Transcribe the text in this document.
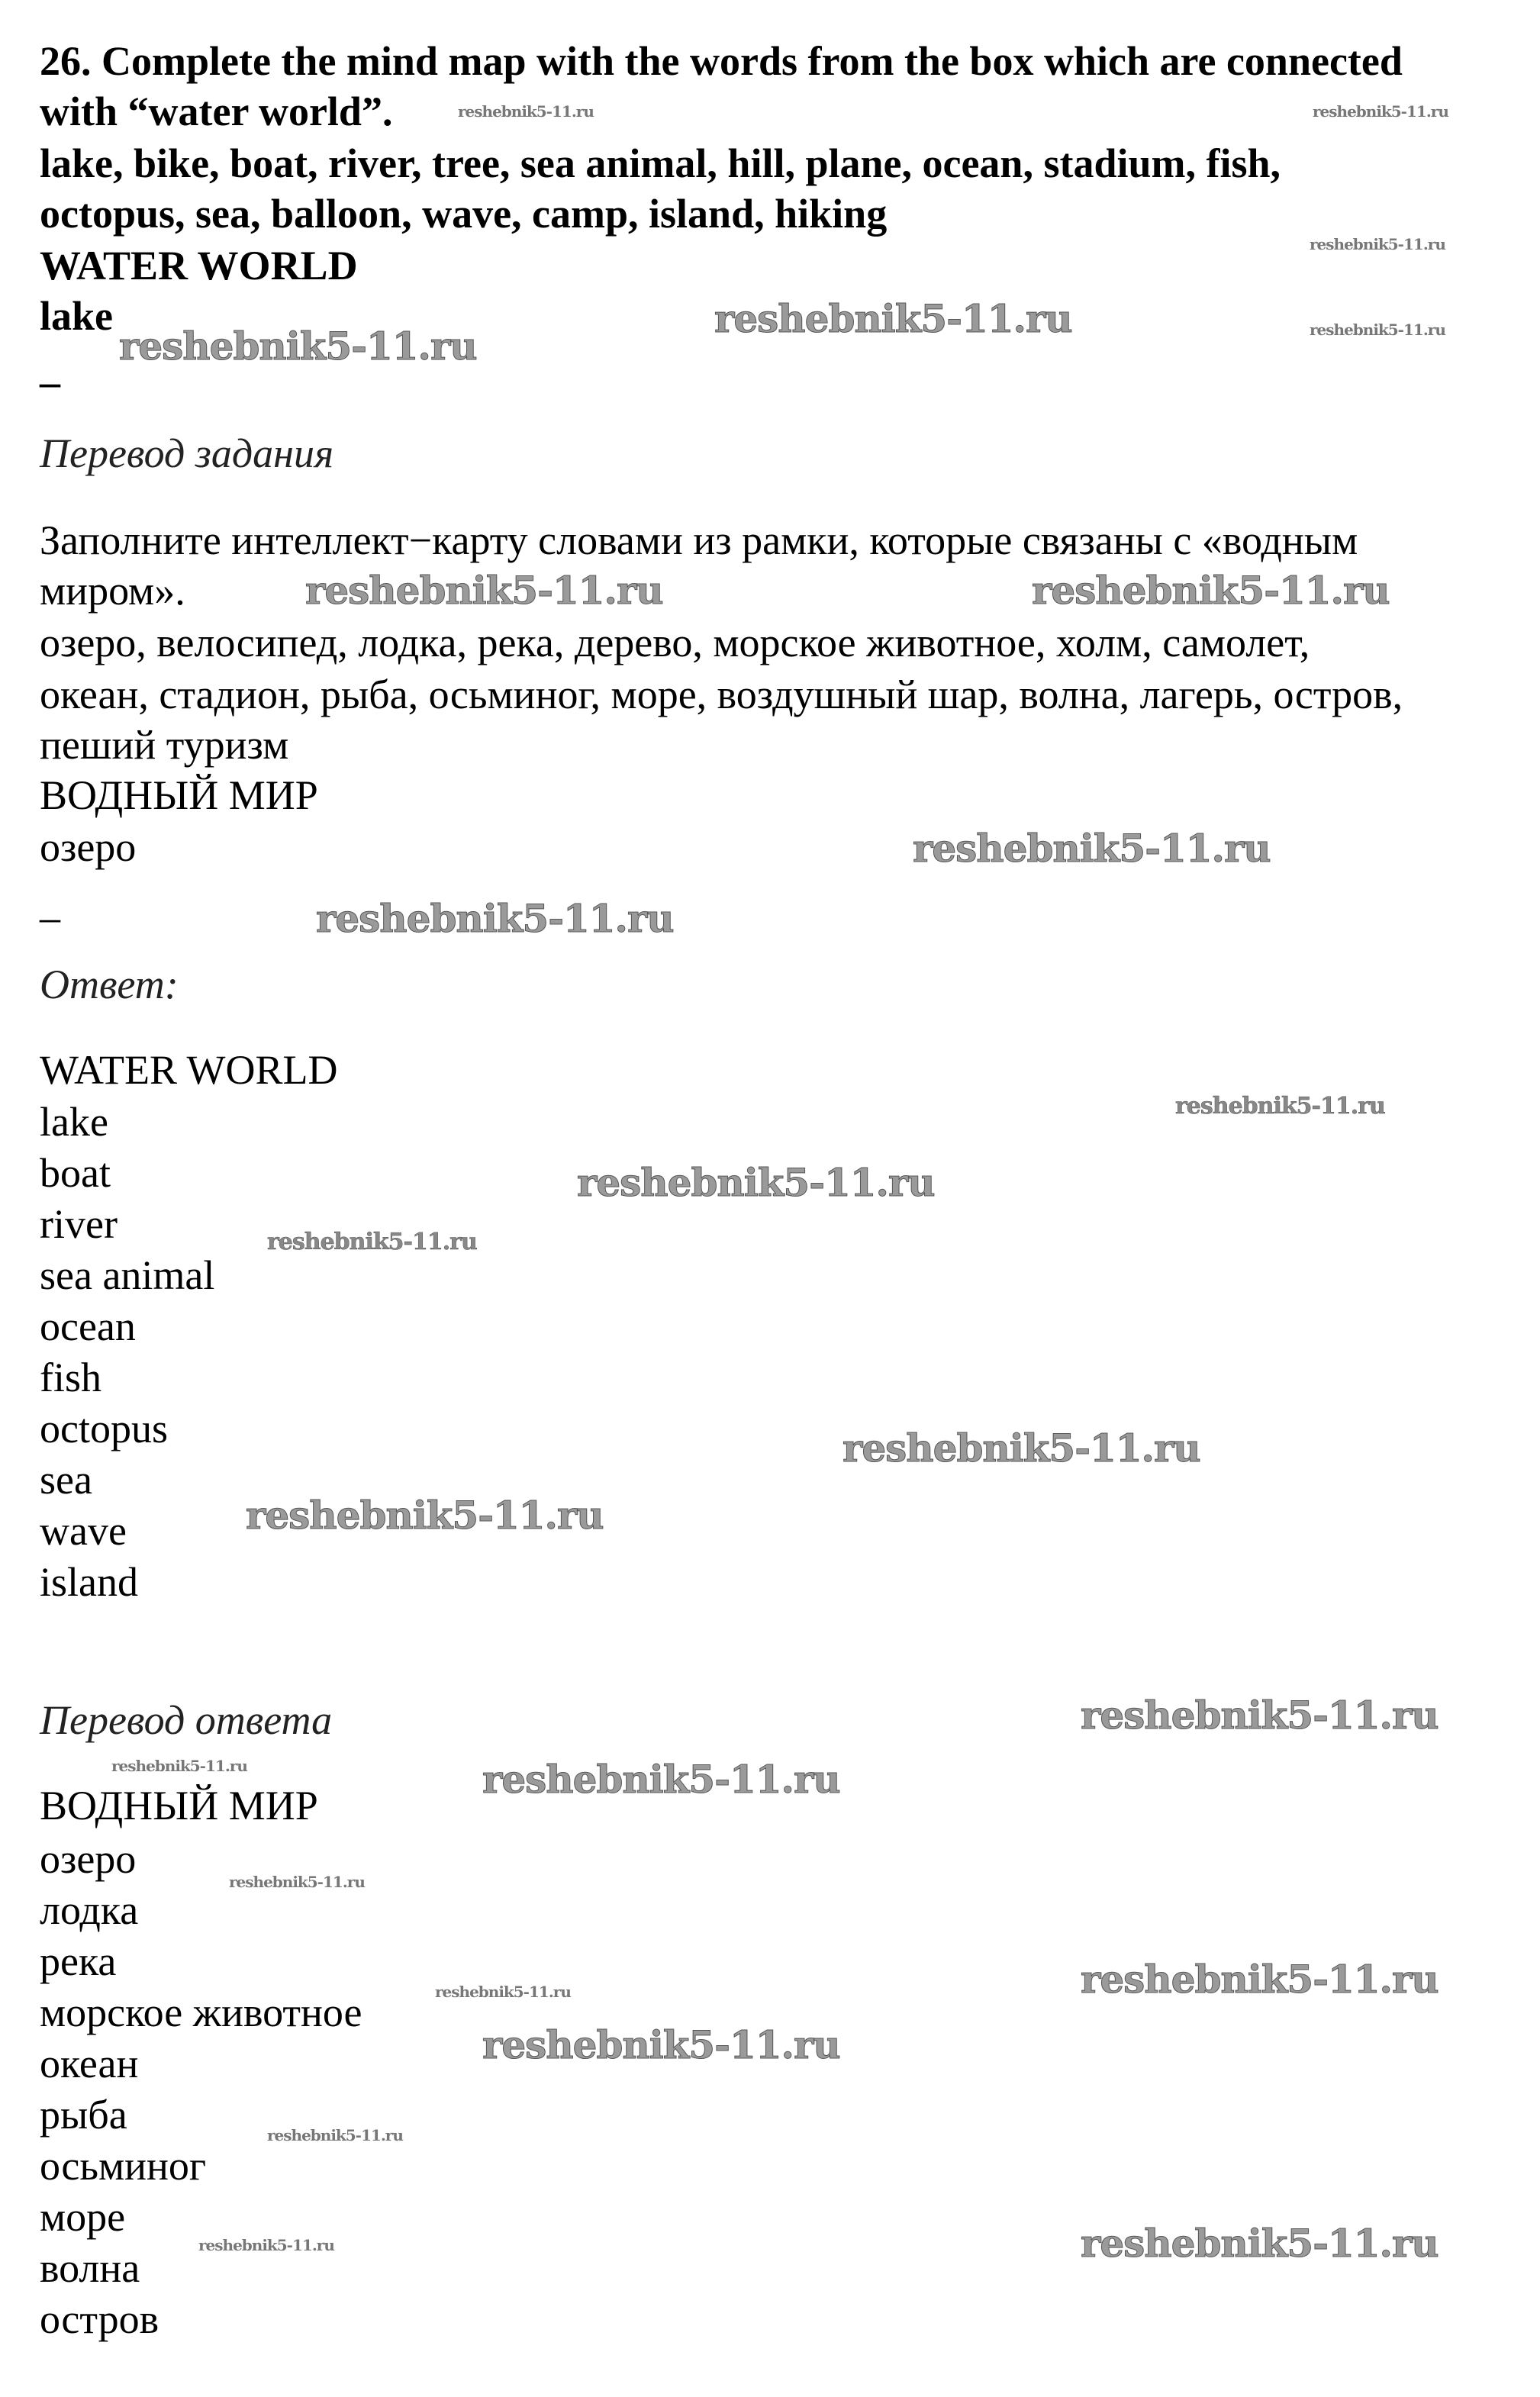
26. Complete the mind map with the words from the box which are connected
with “water world”.
lake, bike, boat, river, tree, sea animal, hill, plane, ocean, stadium, fish,
octopus, sea, balloon, wave, camp, island, hiking
WATER WORLD
lake
–
Перевод задания
Заполните интеллект−карту словами из рамки, которые связаны с «водным
миром».
озеро, велосипед, лодка, река, дерево, морское животное, холм, самолет,
океан, стадион, рыба, осьминог, море, воздушный шар, волна, лагерь, остров,
пеший туризм
ВОДНЫЙ МИР
озеро
–
Ответ:
WATER WORLD
lake
boat
river
sea animal
ocean
fish
octopus
sea
wave
island
Перевод ответа
ВОДНЫЙ МИР
озеро
лодка
река
морское животное
океан
рыба
осьминог
море
волна
остров
reshebnik5-11.ru
reshebnik5-11.ru
reshebnik5-11.ru	reshebnik5-11.ru
reshebnik5-11.ru
reshebnik5-11.ru
reshebnik5-11.ru
reshebnik5-11.ru
reshebnik5-11.ru
reshebnik5-11.ru
reshebnik5-11.ru
reshebnik5-11.ru
reshebnik5-11.ru
reshebnik5-11.ru
reshebnik5-11.ru	reshebnik5-11.ru
reshebnik5-11.ru
reshebnik5-11.ru
reshebnik5-11.ru
reshebnik5-11.ru
reshebnik5-11.ru
reshebnik5-11.ru
reshebnik5-11.ru
reshebnik5-11.ru
reshebnik5-11.ru
